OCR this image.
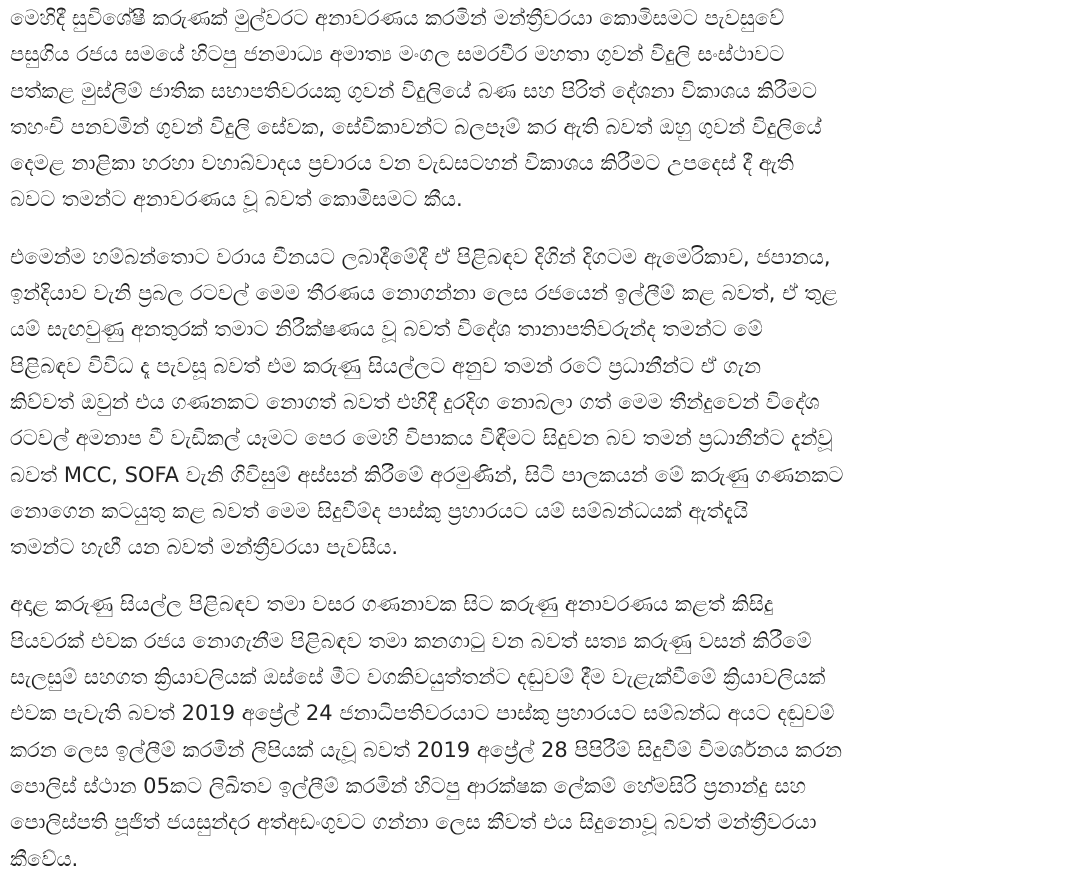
මෙහිදී සුවිශේෂී කරුණක් මුල්වරට අනාවරණය කරමින් මන්ත්‍රීවරයා කොමිසමට පැවසුවේ
පසුගිය රජය සමයේ හිටපු ජනමාධ්‍ය අමාත්‍ය මංගල සමරවීර මහතා ගුවන් විදුලි සංස්ථාවට
පත්කළ මුස්ලිම් ජාතික සභාපතිවරයකු ගුවන් විදුලියේ බණ සහ පිරිත් දේශනා විකාශය කිරීමට
තහංචි පනවමින් ගුවන් විදුලි සේවක, සේවිකාවන්ට බලපෑම් කර ඇති බවත් ඔහු ගුවන් විදුලියේ
දෙමළ නාළිකා හරහා වහාබ්වාදය ප්‍රචාරය වන වැඩසටහන් විකාශය කිරීමට උපදෙස් දී ඇති
බවට තමන්ට අනාවරණය වූ බවත් කොමිසමට කීය.
එමෙන්ම හම්බන්තොට වරාය චීනයට ලබාදීමේදී ඒ පිළිබඳව දිගින් දිගටම ඇමෙරිකාව, ජපානය,
ඉන්දියාව වැනි ප්‍රබල රටවල් මෙම තීරණය නොගන්නා ලෙස රජයෙන් ඉල්ලීම් කළ බවත්, ඒ තුළ
යම් සැඟවුණු අනතුරක් තමාට නිරීක්ෂණය වූ බවත් විදේශ තානාපතිවරුන්ද තමන්ට මේ
පිළිබඳව විවිධ දෑ පැවසූ බවත් එම කරුණු සියල්ලට අනුව තමන් රටේ ප්‍රධානීන්ට ඒ ගැන
කිව්වත් ඔවුන් එය ගණනකට නොගත් බවත් එහිදී දුරදිග නොබලා ගත් මෙම තීන්දුවෙන් විදේශ
රටවල් අමනාප වී වැඩිකල් යෑමට පෙර මෙහි විපාකය විඳීමට සිදුවන බව තමන් ප්‍රධානීන්ට දැන්වූ
බවත් MCC, SOFA වැනි ගිවිසුම් අස්සන් කිරීමේ අරමුණින්, සිටි පාලකයන් මේ කරුණු ගණනකට
නොගෙන කටයුතු කළ බවත් මෙම සිදුවීම්ද පාස්කු ප්‍රහාරයට යම් සම්බන්ධයක් ඇත්දැයි
තමන්ට හැඟී යන බවත් මන්ත්‍රීවරයා පැවසීය.
අදාළ කරුණු සියල්ල පිළිබඳව තමා වසර ගණනාවක සිට කරුණු අනාවරණය කළත් කිසිදු
පියවරක් එවක රජය නොගැනීම පිළිබඳව තමා කනගාටු වන බවත් සත්‍ය කරුණු වසන් කිරීමේ
සැලසුම් සහගත ක්‍රියාවලියක් ඔස්සේ මීට වගකිවයුත්තන්ට දඬුවම් දීම වැළැක්වීමේ ක්‍රියාවලියක්
එවක පැවැති බවත් 2019 අප්‍රේල් 24 ජනාධිපතිවරයාට පාස්කු ප්‍රහාරයට සම්බන්ධ අයට දඬුවම්
කරන ලෙස ඉල්ලීම් කරමින් ලිපියක් යැවූ බවත් 2019 අප්‍රේල් 28 පිපිරීම් සිදුවීම් විමර්ශනය කරන
පොලිස් ස්ථාන 05කට ලිඛිතව ඉල්ලීම් කරමින් හිටපු ආරක්ෂක ලේකම් හේමසිරි ප්‍රනාන්දු සහ
පොලිස්පති පූජිත් ජයසුන්දර අත්අඩංගුවට ගන්නා ලෙස කීවත් එය සිදුනොවූ බවත් මන්ත්‍රීවරයා
කීවේය.
